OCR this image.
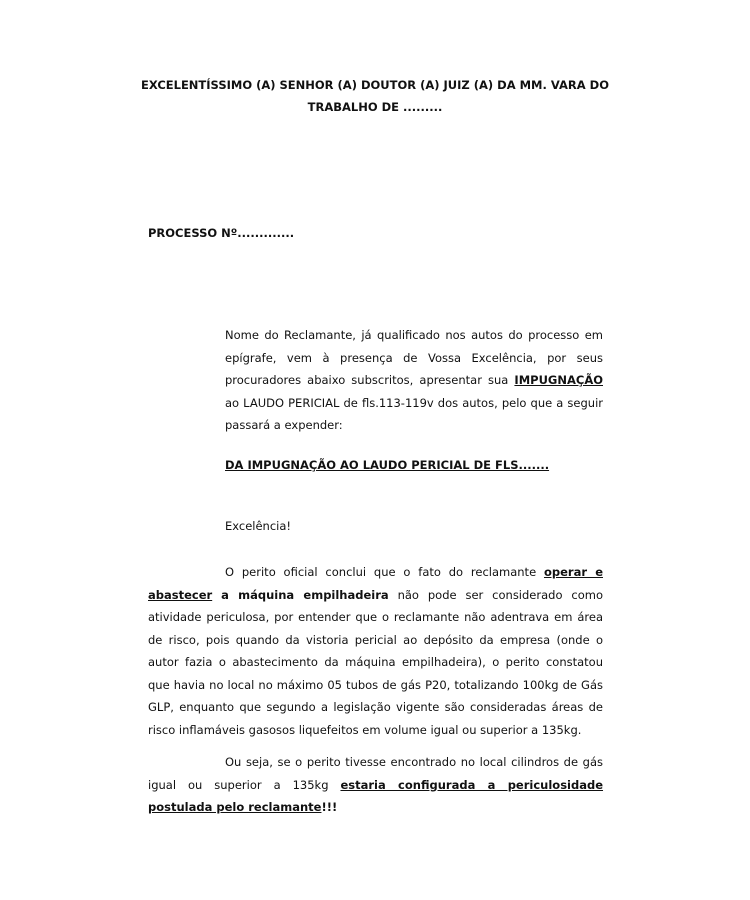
EXCELENTÍSSIMO (A) SENHOR (A) DOUTOR (A) JUIZ (A) DA MM. VARA DO
TRABALHO DE .........
PROCESSO Nº.............
Nome do Reclamante, já qualificado nos autos do processo em epígrafe, vem à presença de Vossa Excelência, por seus procuradores abaixo subscritos, apresentar sua IMPUGNAÇÃO ao LAUDO PERICIAL de fls.113-119v dos autos, pelo que a seguir passará a expender:
DA IMPUGNAÇÃO AO LAUDO PERICIAL DE FLS.......
Excelência!
O perito oficial conclui que o fato do reclamante operar e abastecer a máquina empilhadeira não pode ser considerado como atividade periculosa, por entender que o reclamante não adentrava em área de risco, pois quando da vistoria pericial ao depósito da empresa (onde o autor fazia o abastecimento da máquina empilhadeira), o perito constatou que havia no local no máximo 05 tubos de gás P20, totalizando 100kg de Gás GLP, enquanto que segundo a legislação vigente são consideradas áreas de risco inflamáveis gasosos liquefeitos em volume igual ou superior a 135kg.
Ou seja, se o perito tivesse encontrado no local cilindros de gás igual ou superior a 135kg estaria configurada a periculosidade postulada pelo reclamante!!!
